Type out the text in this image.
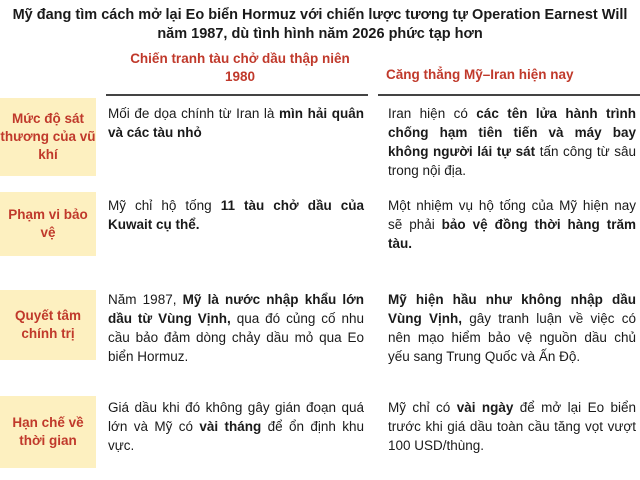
Mỹ đang tìm cách mở lại Eo biển Hormuz với chiến lược tương tự Operation Earnest Will năm 1987, dù tình hình năm 2026 phức tạp hơn
Chiến tranh tàu chở dầu thập niên 1980	Căng thẳng Mỹ–Iran hiện nay
Mức độ sát thương của vũ khí
Mối đe dọa chính từ Iran là mìn hải quân và các tàu nhỏ
Iran hiện có các tên lửa hành trình chống hạm tiên tiến và máy bay không người lái tự sát tấn công từ sâu trong nội địa.
Phạm vi bảo vệ
Mỹ chỉ hộ tống 11 tàu chở dầu của Kuwait cụ thể.
Một nhiệm vụ hộ tống của Mỹ hiện nay sẽ phải bảo vệ đồng thời hàng trăm tàu.
Quyết tâm chính trị
Năm 1987, Mỹ là nước nhập khẩu lớn dầu từ Vùng Vịnh, qua đó củng cố nhu cầu bảo đảm dòng chảy dầu mỏ qua Eo biển Hormuz.
Mỹ hiện hầu như không nhập dầu Vùng Vịnh, gây tranh luận về việc có nên mạo hiểm bảo vệ nguồn dầu chủ yếu sang Trung Quốc và Ấn Độ.
Hạn chế về thời gian
Giá dầu khi đó không gây gián đoạn quá lớn và Mỹ có vài tháng để ổn định khu vực.
Mỹ chỉ có vài ngày để mở lại Eo biển trước khi giá dầu toàn cầu tăng vọt vượt 100 USD/thùng.
